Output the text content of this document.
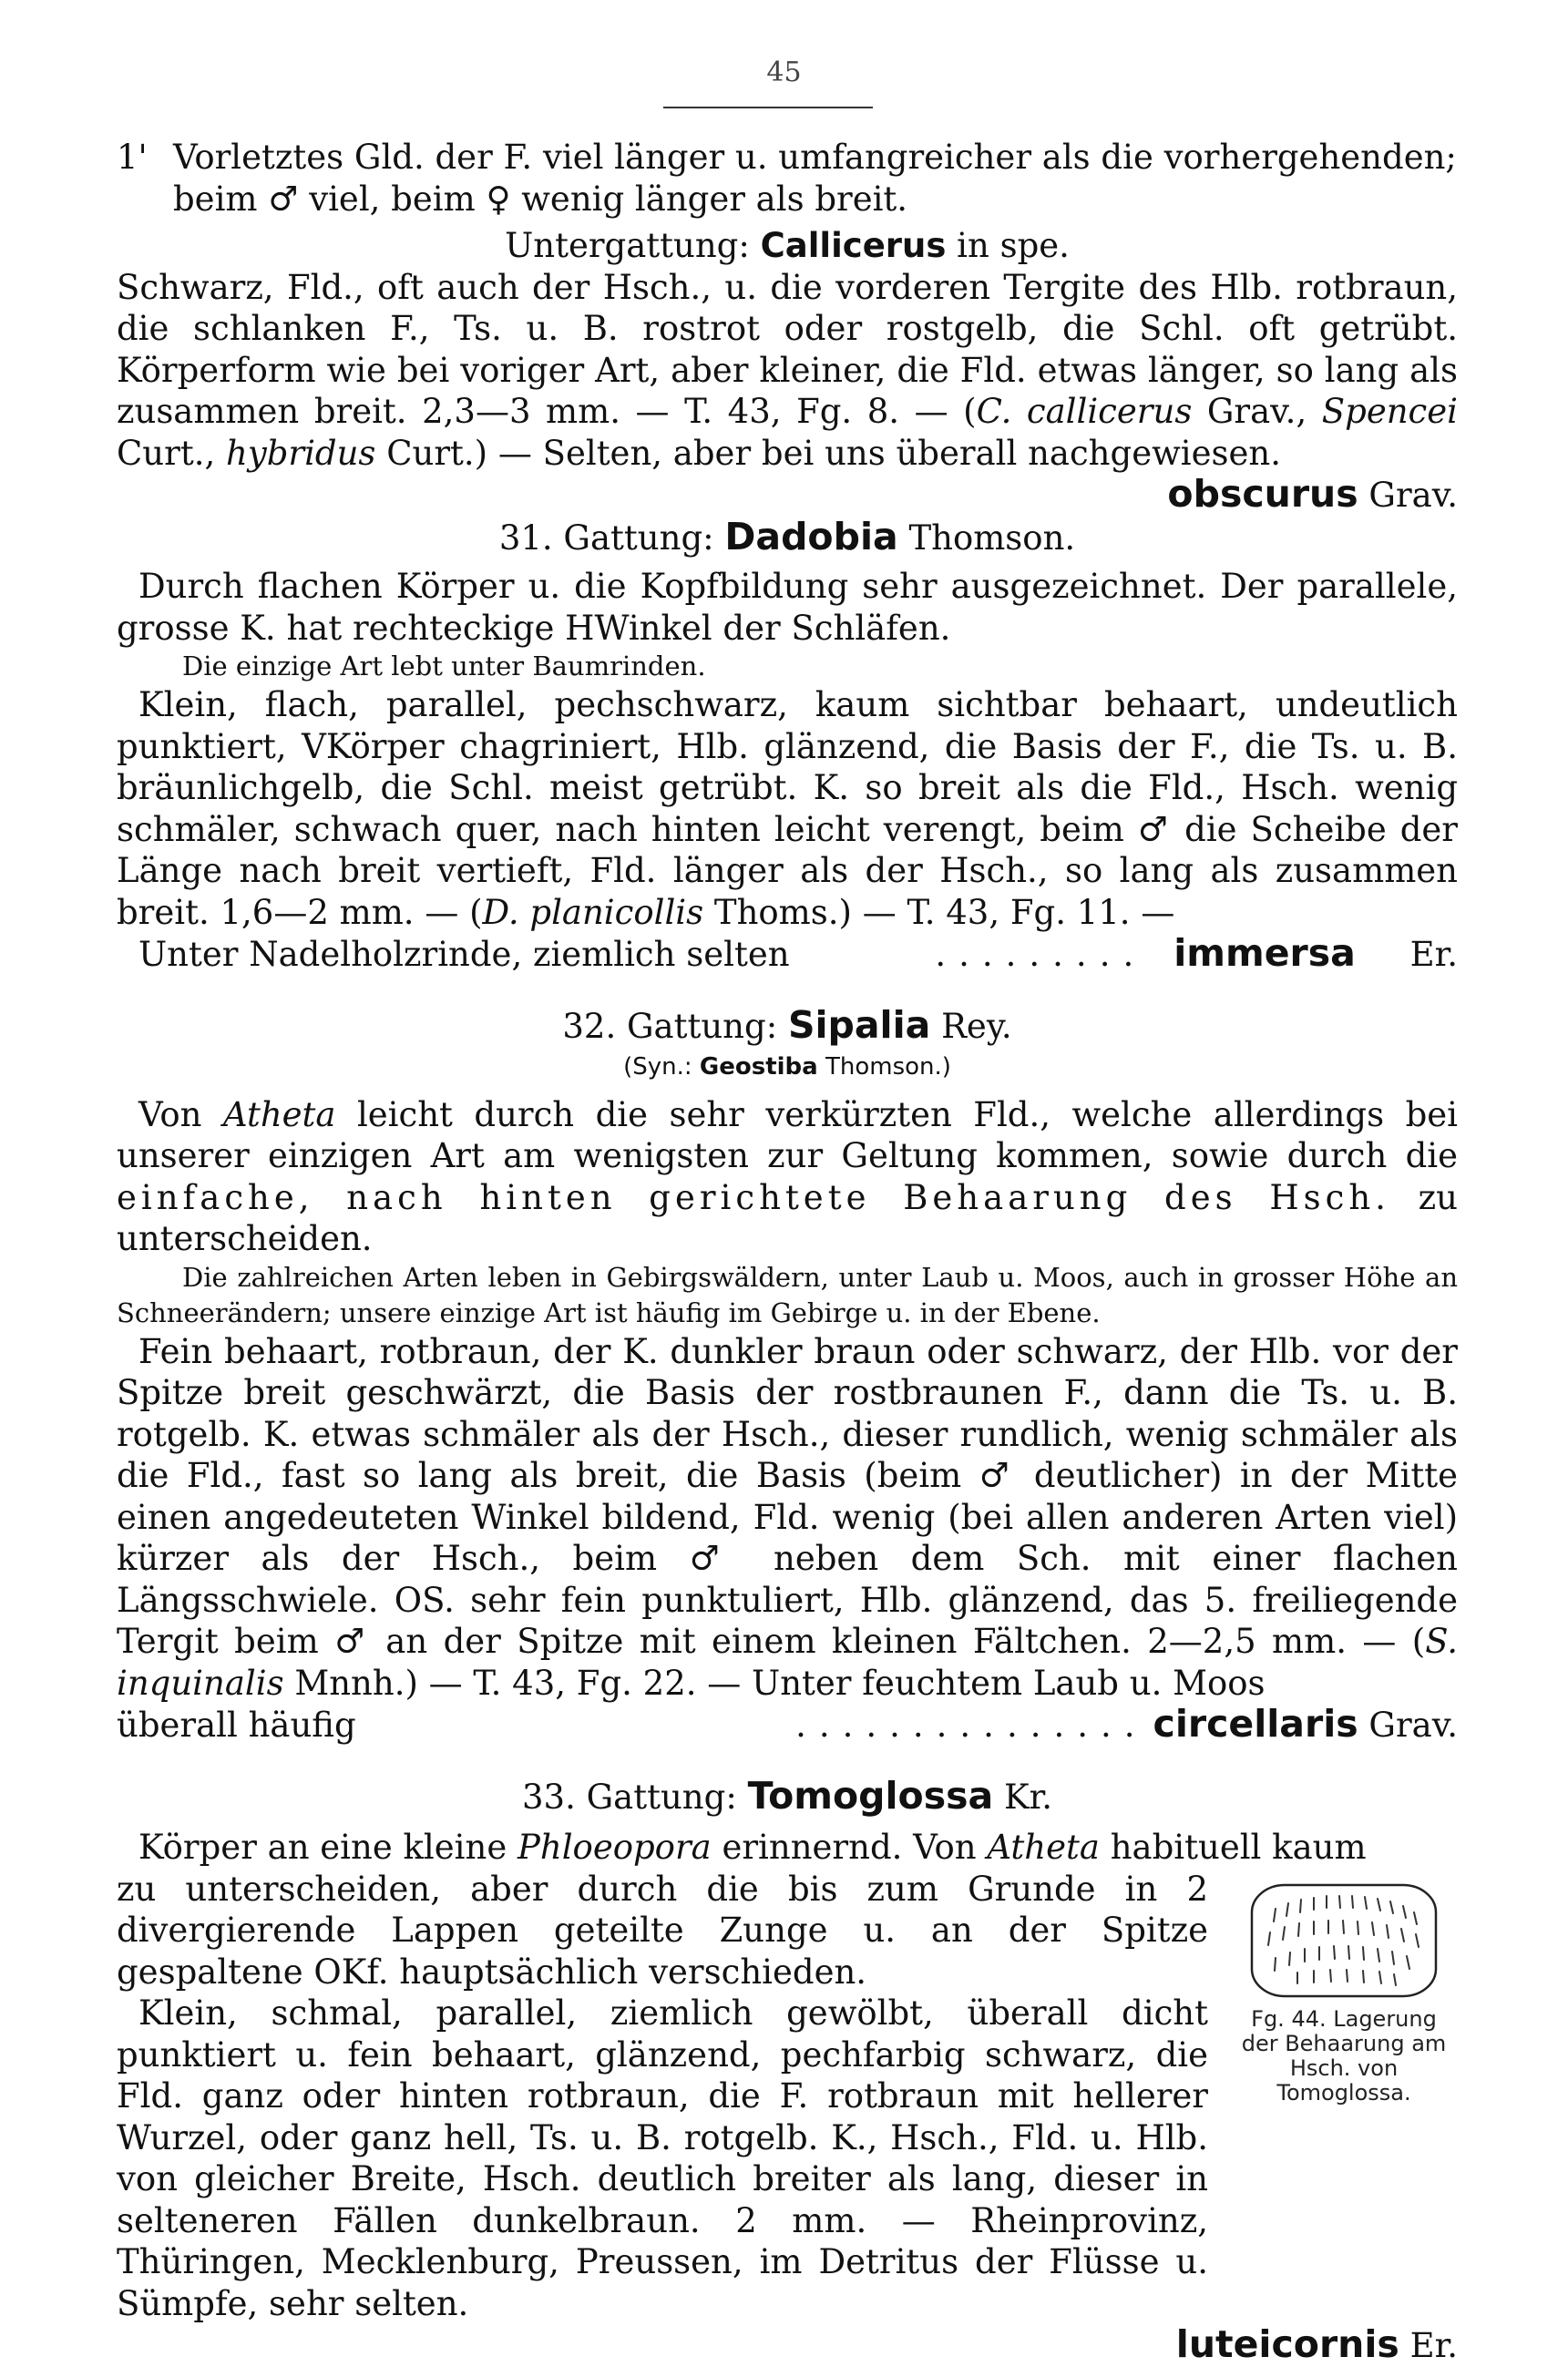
45
1' Vorletztes Gld. der F. viel länger u. umfangreicher als die vorhergehenden; beim ♂ viel, beim ♀ wenig länger als breit.

Untergattung: Callicerus in spe.

Schwarz, Fld., oft auch der Hsch., u. die vorderen Tergite des Hlb. rotbraun, die schlanken F., Ts. u. B. rostrot oder rostgelb, die Schl. oft getrübt. Körperform wie bei voriger Art, aber kleiner, die Fld. etwas länger, so lang als zusammen breit. 2,3—3 mm. — T. 43, Fg. 8. — (C. callicerus Grav., Spencei Curt., hybridus Curt.) — Selten, aber bei uns überall nachgewiesen.

obscurus Grav.

31. Gattung: Dadobia Thomson.

Durch flachen Körper u. die Kopfbildung sehr ausgezeichnet. Der parallele, grosse K. hat rechteckige HWinkel der Schläfen.

Die einzige Art lebt unter Baumrinden.

Klein, flach, parallel, pechschwarz, kaum sichtbar behaart, undeutlich punktiert, VKörper chagriniert, Hlb. glänzend, die Basis der F., die Ts. u. B. bräunlichgelb, die Schl. meist getrübt. K. so breit als die Fld., Hsch. wenig schmäler, schwach quer, nach hinten leicht verengt, beim ♂ die Scheibe der Länge nach breit vertieft, Fld. länger als der Hsch., so lang als zusammen breit. 1,6—2 mm. — (D. planicollis Thoms.) — T. 43, Fg. 11. —

Unter Nadelholzrinde, ziemlich selten	......... immersa
	Er.

32. Gattung: Sipalia Rey.

(Syn.: Geostiba Thomson.)

Von Atheta leicht durch die sehr verkürzten Fld., welche allerdings bei unserer einzigen Art am wenigsten zur Geltung kommen, sowie durch die einfache, nach hinten gerichtete Behaarung des Hsch. zu unterscheiden.

Die zahlreichen Arten leben in Gebirgswäldern, unter Laub u. Moos, auch in grosser Höhe an Schneerändern; unsere einzige Art ist häufig im Gebirge u. in der Ebene.

Fein behaart, rotbraun, der K. dunkler braun oder schwarz, der Hlb. vor der Spitze breit geschwärzt, die Basis der rostbraunen F., dann die Ts. u. B. rotgelb. K. etwas schmäler als der Hsch., dieser rundlich, wenig schmäler als die Fld., fast so lang als breit, die Basis (beim ♂ deutlicher) in der Mitte einen angedeuteten Winkel bildend, Fld. wenig (bei allen anderen Arten viel) kürzer als der Hsch., beim ♂ neben dem Sch. mit einer flachen Längsschwiele. OS. sehr fein punktuliert, Hlb. glänzend, das 5. freiliegende Tergit beim ♂ an der Spitze mit einem kleinen Fältchen. 2—2,5 mm. — (S. inquinalis Mnnh.) — T. 43, Fg. 22. — Unter feuchtem Laub u. Moos

überall häufig	............... circellaris
Grav.

33. Gattung: Tomoglossa Kr.

Körper an eine kleine Phloeopora erinnernd. Von Atheta habituell kaum

zu unterscheiden, aber durch die bis zum Grunde in 2 divergierende Lappen geteilte Zunge u. an der Spitze gespaltene OKf. hauptsächlich verschieden.

Klein, schmal, parallel, ziemlich gewölbt, überall dicht punktiert u. fein behaart, glänzend, pechfarbig schwarz, die Fld. ganz oder hinten rotbraun, die F. rotbraun mit hellerer Wurzel, oder ganz hell, Ts. u. B. rotgelb. K., Hsch., Fld. u. Hlb. von gleicher Breite, Hsch. deutlich breiter als lang, dieser in selteneren Fällen dunkelbraun. 2 mm. — Rheinprovinz, Thüringen, Mecklenburg, Preussen, im Detritus der Flüsse u. Sümpfe, sehr selten.

Fg. 44. Lagerung der Behaarung am Hsch. von Tomoglossa.

luteicornis Er.
